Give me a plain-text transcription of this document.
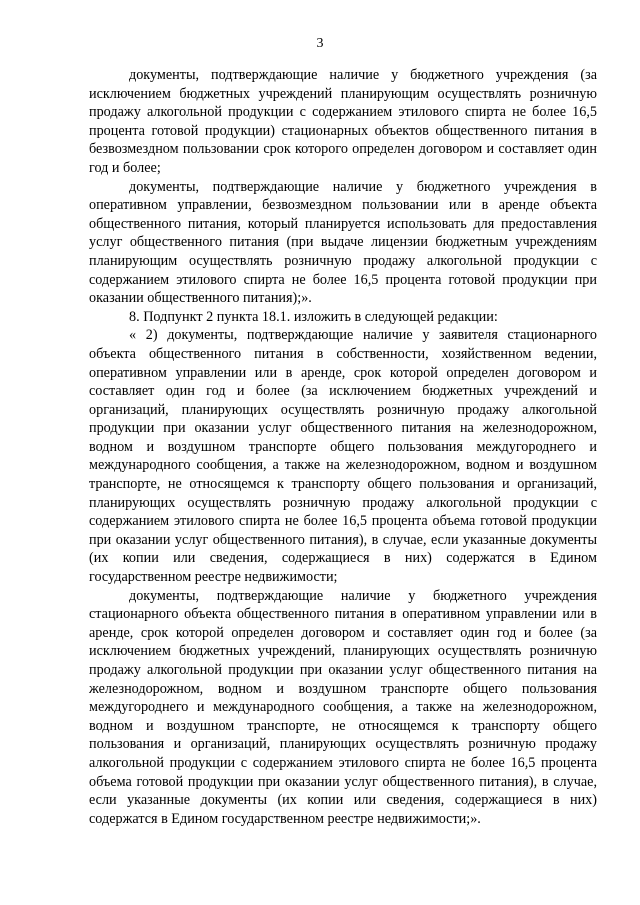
3

документы, подтверждающие наличие у бюджетного учреждения (за исключением бюджетных учреждений планирующим осуществлять розничную продажу алкогольной продукции с содержанием этилового спирта не более 16,5 процента готовой продукции) стационарных объектов общественного питания в безвозмездном пользовании срок которого определен договором и составляет один год и более;

документы, подтверждающие наличие у бюджетного учреждения в оперативном управлении, безвозмездном пользовании или в аренде объекта общественного питания, который планируется использовать для предоставления услуг общественного питания (при выдаче лицензии бюджетным учреждениям планирующим осуществлять розничную продажу алкогольной продукции с содержанием этилового спирта не более 16,5 процента готовой продукции при оказании общественного питания);».

8. Подпункт 2 пункта 18.1. изложить в следующей редакции:

« 2) документы, подтверждающие наличие у заявителя стационарного объекта общественного питания в собственности, хозяйственном ведении, оперативном управлении или в аренде, срок которой определен договором и составляет один год и более (за исключением бюджетных учреждений и организаций, планирующих осуществлять розничную продажу алкогольной продукции при оказании услуг общественного питания на железнодорожном, водном и воздушном транспорте общего пользования междугороднего и международного сообщения, а также на железнодорожном, водном и воздушном транспорте, не относящемся к транспорту общего пользования и организаций, планирующих осуществлять розничную продажу алкогольной продукции с содержанием этилового спирта не более 16,5 процента объема готовой продукции при оказании услуг общественного питания), в случае, если указанные документы (их копии или сведения, содержащиеся в них) содержатся в Едином государственном реестре недвижимости;

документы, подтверждающие наличие у бюджетного учреждения стационарного объекта общественного питания в оперативном управлении или в аренде, срок которой определен договором и составляет один год и более (за исключением бюджетных учреждений, планирующих осуществлять розничную продажу алкогольной продукции при оказании услуг общественного питания на железнодорожном, водном и воздушном транспорте общего пользования междугороднего и международного сообщения, а также на железнодорожном, водном и воздушном транспорте, не относящемся к транспорту общего пользования и организаций, планирующих осуществлять розничную продажу алкогольной продукции с содержанием этилового спирта не более 16,5 процента объема готовой продукции при оказании услуг общественного питания), в случае, если указанные документы (их копии или сведения, содержащиеся в них) содержатся в Едином государственном реестре недвижимости;».
